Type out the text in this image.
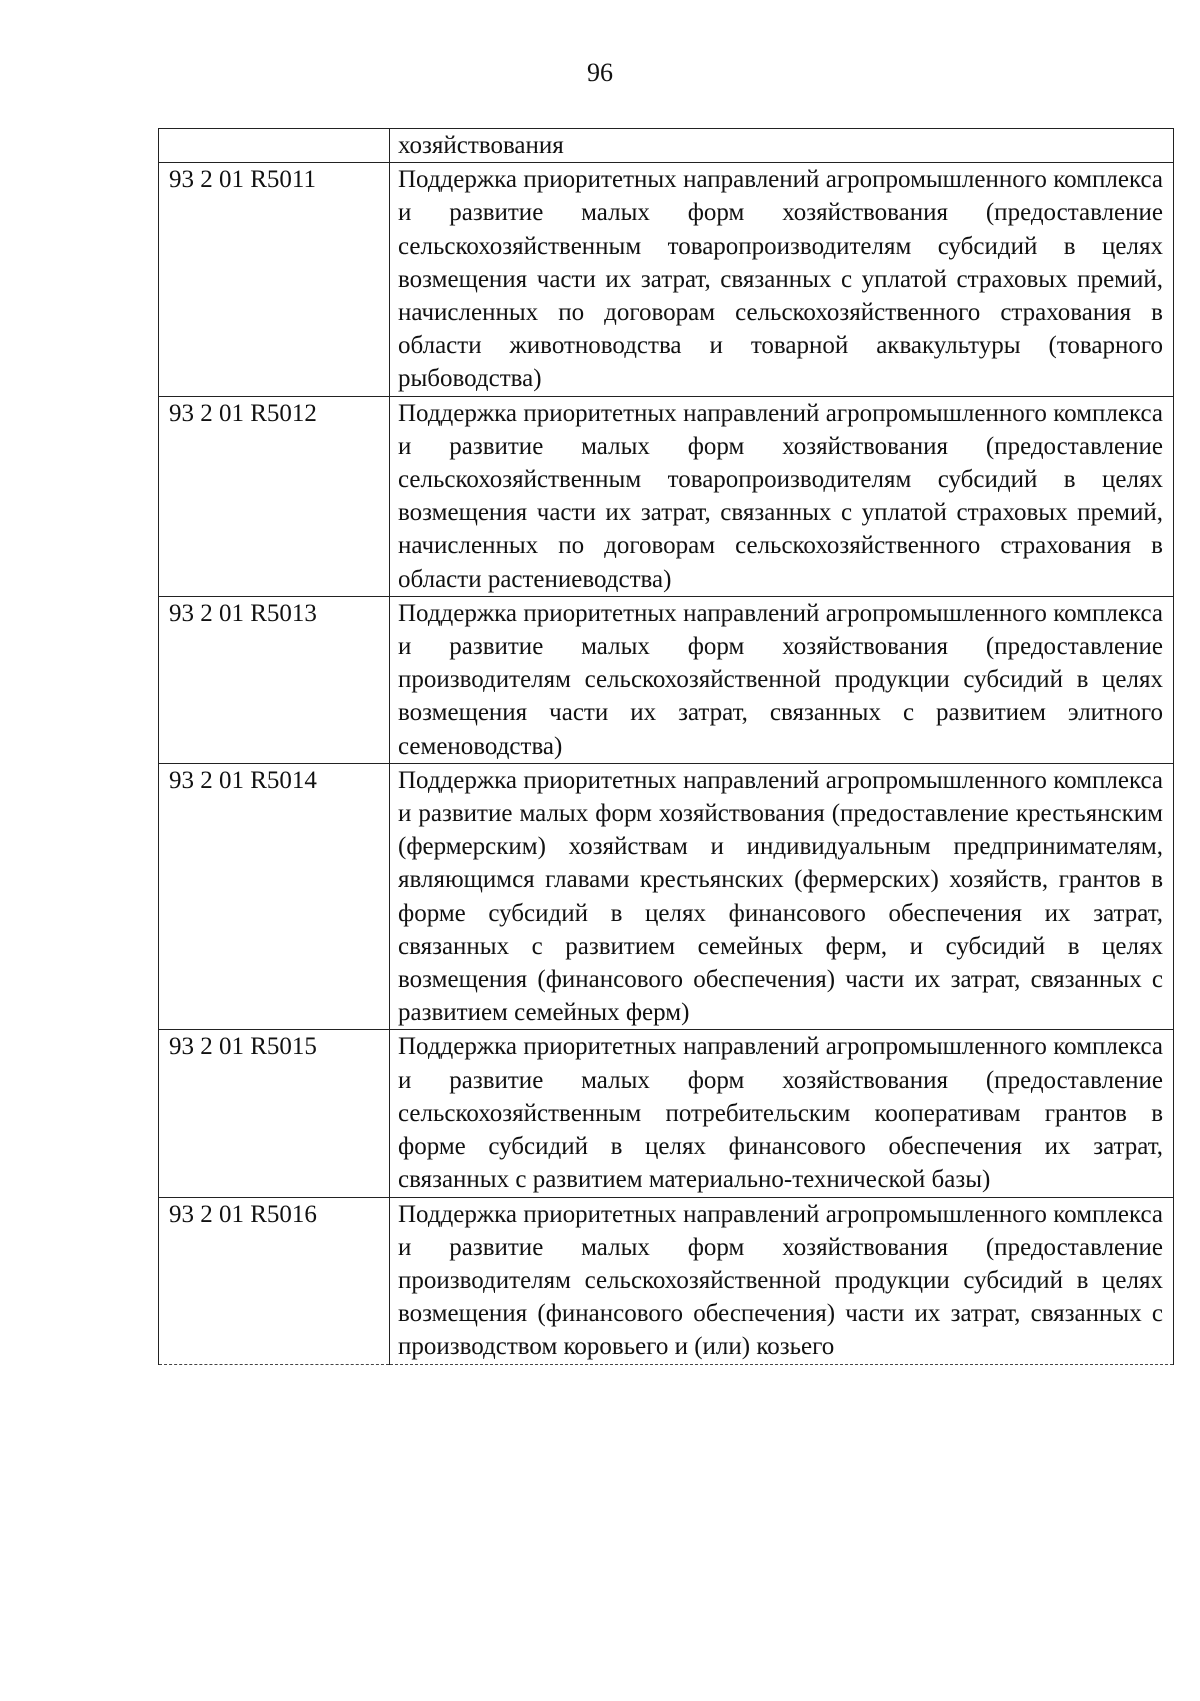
96

	хозяйствования

93 2 01 R5011	Поддержка приоритетных направлений агропромышленного комплекса и развитие малых форм хозяйствования (предоставление сельскохозяйственным товаропроизводителям субсидий в целях возмещения части их затрат, связанных с уплатой страховых премий, начисленных по договорам сельскохозяйственного страхования в области животноводства и товарной аквакультуры (товарного рыбоводства)

93 2 01 R5012	Поддержка приоритетных направлений агропромышленного комплекса и развитие малых форм хозяйствования (предоставление сельскохозяйственным товаропроизводителям субсидий в целях возмещения части их затрат, связанных с уплатой страховых премий, начисленных по договорам сельскохозяйственного страхования в области растениеводства)

93 2 01 R5013	Поддержка приоритетных направлений агропромышленного комплекса и развитие малых форм хозяйствования (предоставление производителям сельскохозяйственной продукции субсидий в целях возмещения части их затрат, связанных с развитием элитного семеноводства)

93 2 01 R5014	Поддержка приоритетных направлений агропромышленного комплекса и развитие малых форм хозяйствования (предоставление крестьянским (фермерским) хозяйствам и индивидуальным предпринимателям, являющимся главами крестьянских (фермерских) хозяйств, грантов в форме субсидий в целях финансового обеспечения их затрат, связанных с развитием семейных ферм, и субсидий в целях возмещения (финансового обеспечения) части их затрат, связанных с развитием семейных ферм)

93 2 01 R5015	Поддержка приоритетных направлений агропромышленного комплекса и развитие малых форм хозяйствования (предоставление сельскохозяйственным потребительским кооперативам грантов в форме субсидий в целях финансового обеспечения их затрат, связанных с развитием материально-технической базы)

93 2 01 R5016	Поддержка приоритетных направлений агропромышленного комплекса и развитие малых форм хозяйствования (предоставление производителям сельскохозяйственной продукции субсидий в целях возмещения (финансового обеспечения) части их затрат, связанных с производством коровьего и (или) козьего
